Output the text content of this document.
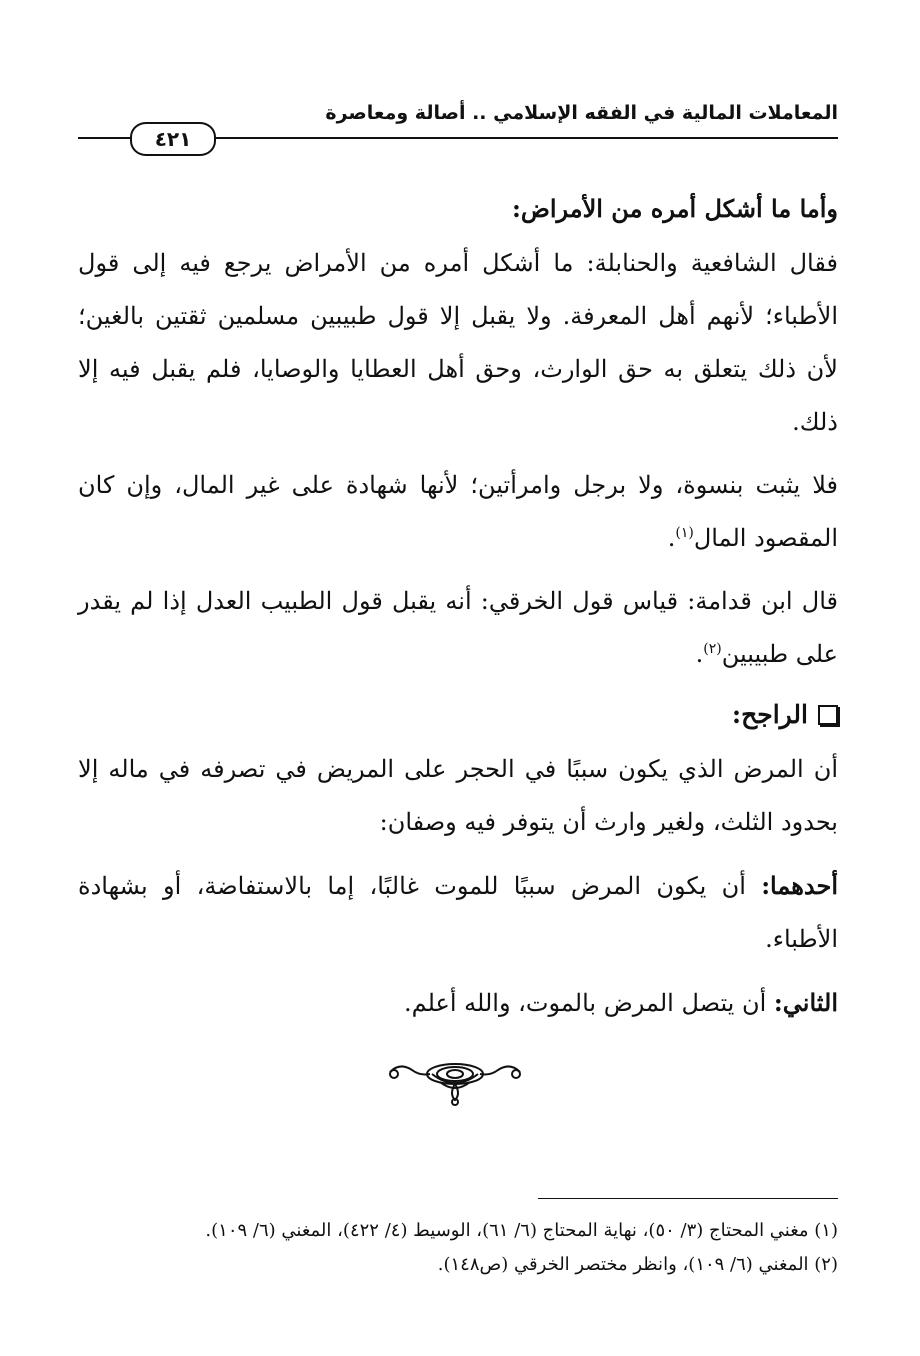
المعاملات المالية في الفقه الإسلامي .. أصالة ومعاصرة
٤٢١

وأما ما أشكل أمره من الأمراض:

فقال الشافعية والحنابلة: ما أشكل أمره من الأمراض يرجع فيه إلى قول الأطباء؛ لأنهم أهل المعرفة. ولا يقبل إلا قول طبيبين مسلمين ثقتين بالغين؛ لأن ذلك يتعلق به حق الوارث، وحق أهل العطايا والوصايا، فلم يقبل فيه إلا ذلك.

فلا يثبت بنسوة، ولا برجل وامرأتين؛ لأنها شهادة على غير المال، وإن كان المقصود المال$^{(١)}$.

قال ابن قدامة: قياس قول الخرقي: أنه يقبل قول الطبيب العدل إذا لم يقدر على طبيبين$^{(٢)}$.

الراجح:

أن المرض الذي يكون سببًا في الحجر على المريض في تصرفه في ماله إلا بحدود الثلث، ولغير وارث أن يتوفر فيه وصفان:

أحدهما: أن يكون المرض سببًا للموت غالبًا، إما بالاستفاضة، أو بشهادة الأطباء.

الثاني: أن يتصل المرض بالموت، والله أعلم.

(١) مغني المحتاج (٣/ ٥٠)، نهاية المحتاج (٦/ ٦١)، الوسيط (٤/ ٤٢٢)، المغني (٦/ ١٠٩).

(٢) المغني (٦/ ١٠٩)، وانظر مختصر الخرقي (ص١٤٨).
